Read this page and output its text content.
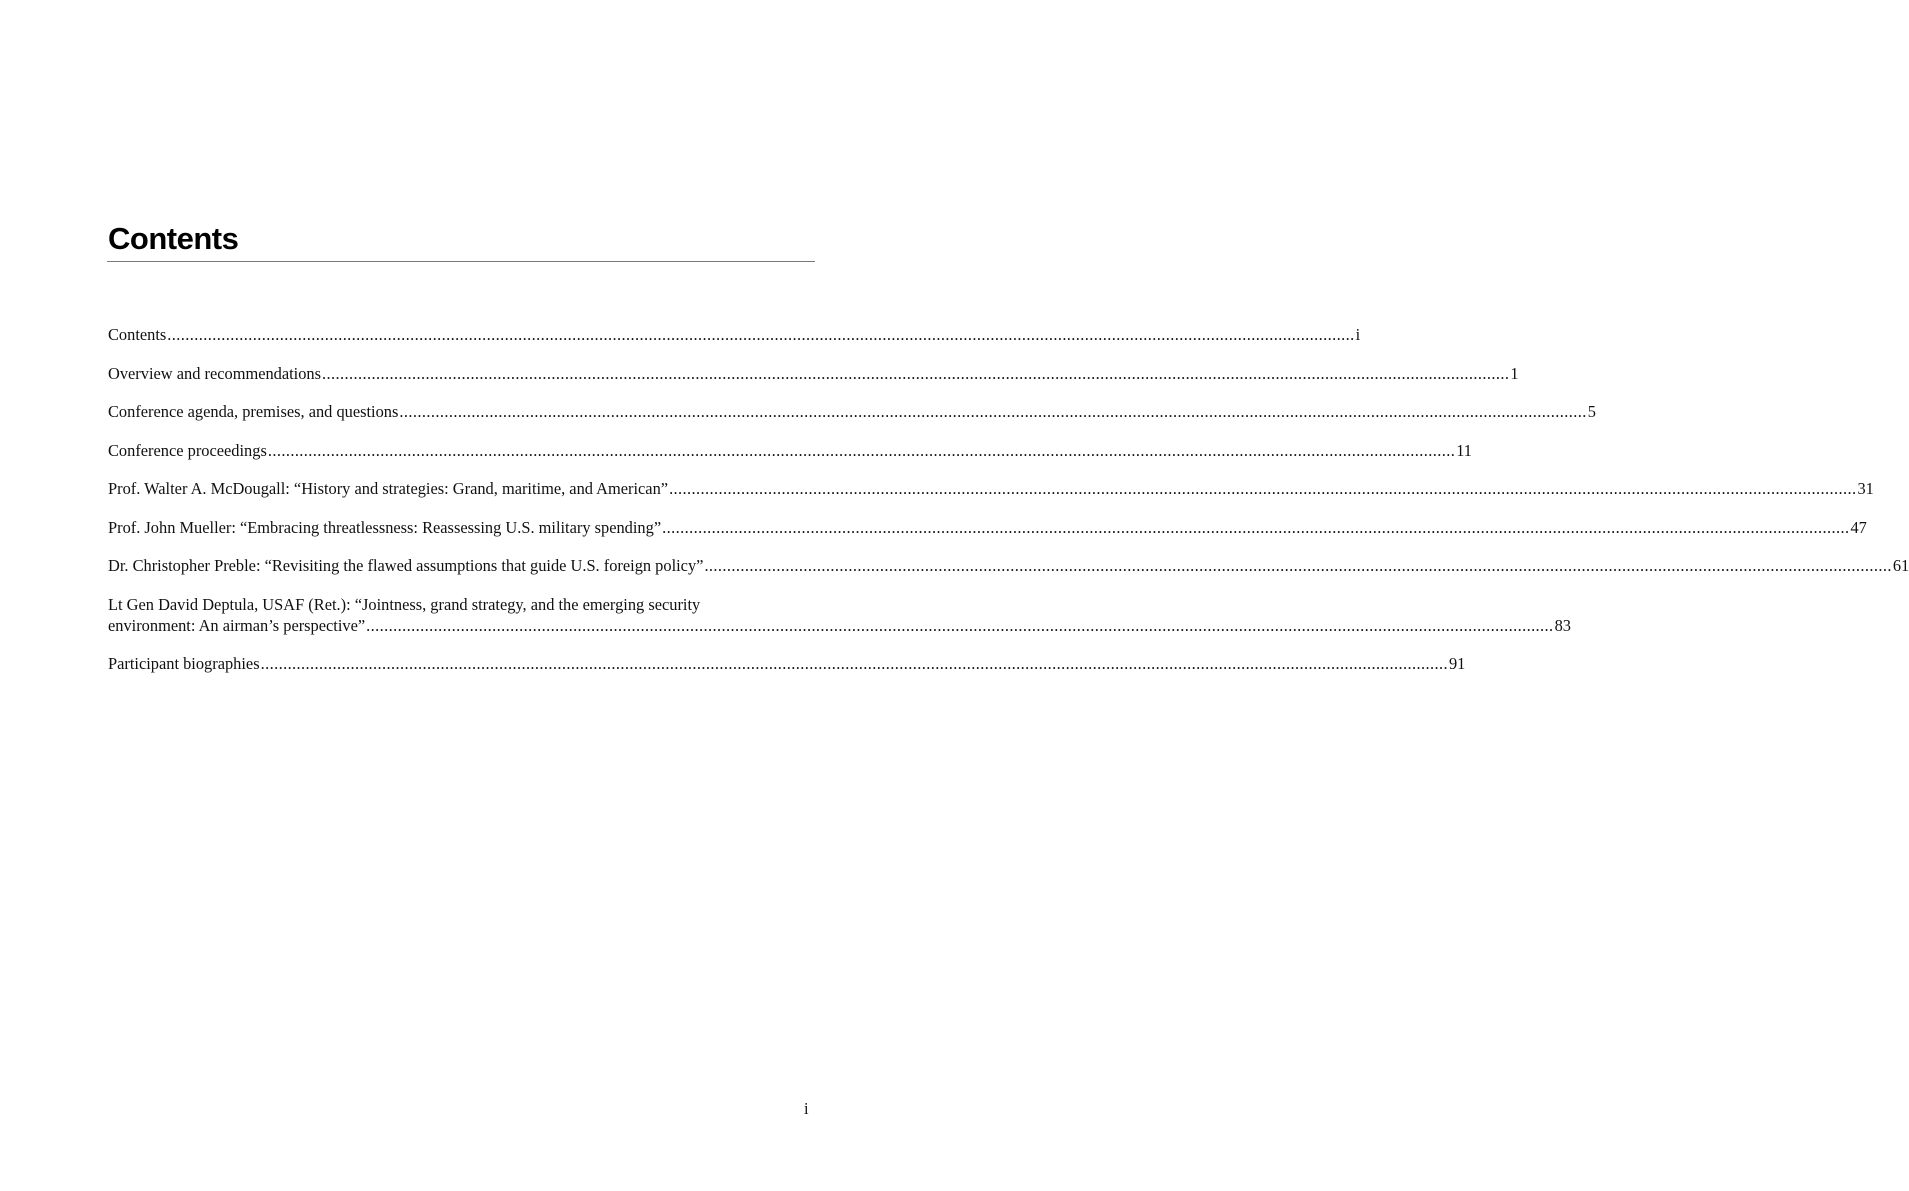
Contents
Contents .....	i
Overview and recommendations .....	1
Conference agenda, premises, and questions .....	5
Conference proceedings .....	11
Prof. Walter A. McDougall: “History and strategies: Grand, maritime, and American” .....	31
Prof. John Mueller: “Embracing threatlessness: Reassessing U.S. military spending” .....	47
Dr. Christopher Preble: “Revisiting the flawed assumptions that guide U.S. foreign policy” .....	61
Lt Gen David Deptula, USAF (Ret.): “Jointness, grand strategy, and the emerging security
environment: An airman’s perspective” .....	83
Participant biographies .....	91
i
